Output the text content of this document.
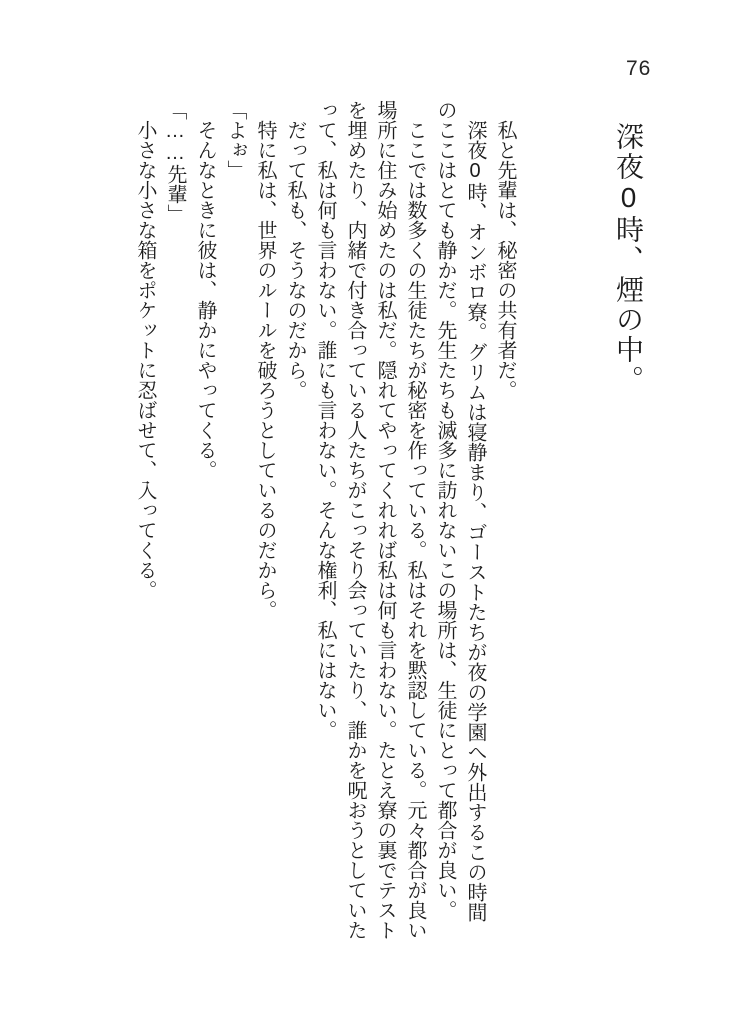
76
深夜0時、煙の中。

私と先輩は、秘密の共有者だ。

深夜0時、オンボロ寮。グリムは寝静まり、ゴーストたちが夜の学園へ外出するこの時間のここはとても静かだ。先生たちも滅多に訪れないこの場所は、生徒にとって都合が良い。

ここでは数多くの生徒たちが秘密を作っている。私はそれを黙認している。元々都合が良い場所に住み始めたのは私だ。隠れてやってくれれば私は何も言わない。たとえ寮の裏でテストを埋めたり、内緒で付き合っている人たちがこっそり会っていたり、誰かを呪おうとしていたって、私は何も言わない。誰にも言わない。そんな権利、私にはない。

だって私も、そうなのだから。

特に私は、世界のルールを破ろうとしているのだから。

「よぉ」

そんなときに彼は、静かにやってくる。

「……先輩」

小さな小さな箱をポケットに忍ばせて、入ってくる。
